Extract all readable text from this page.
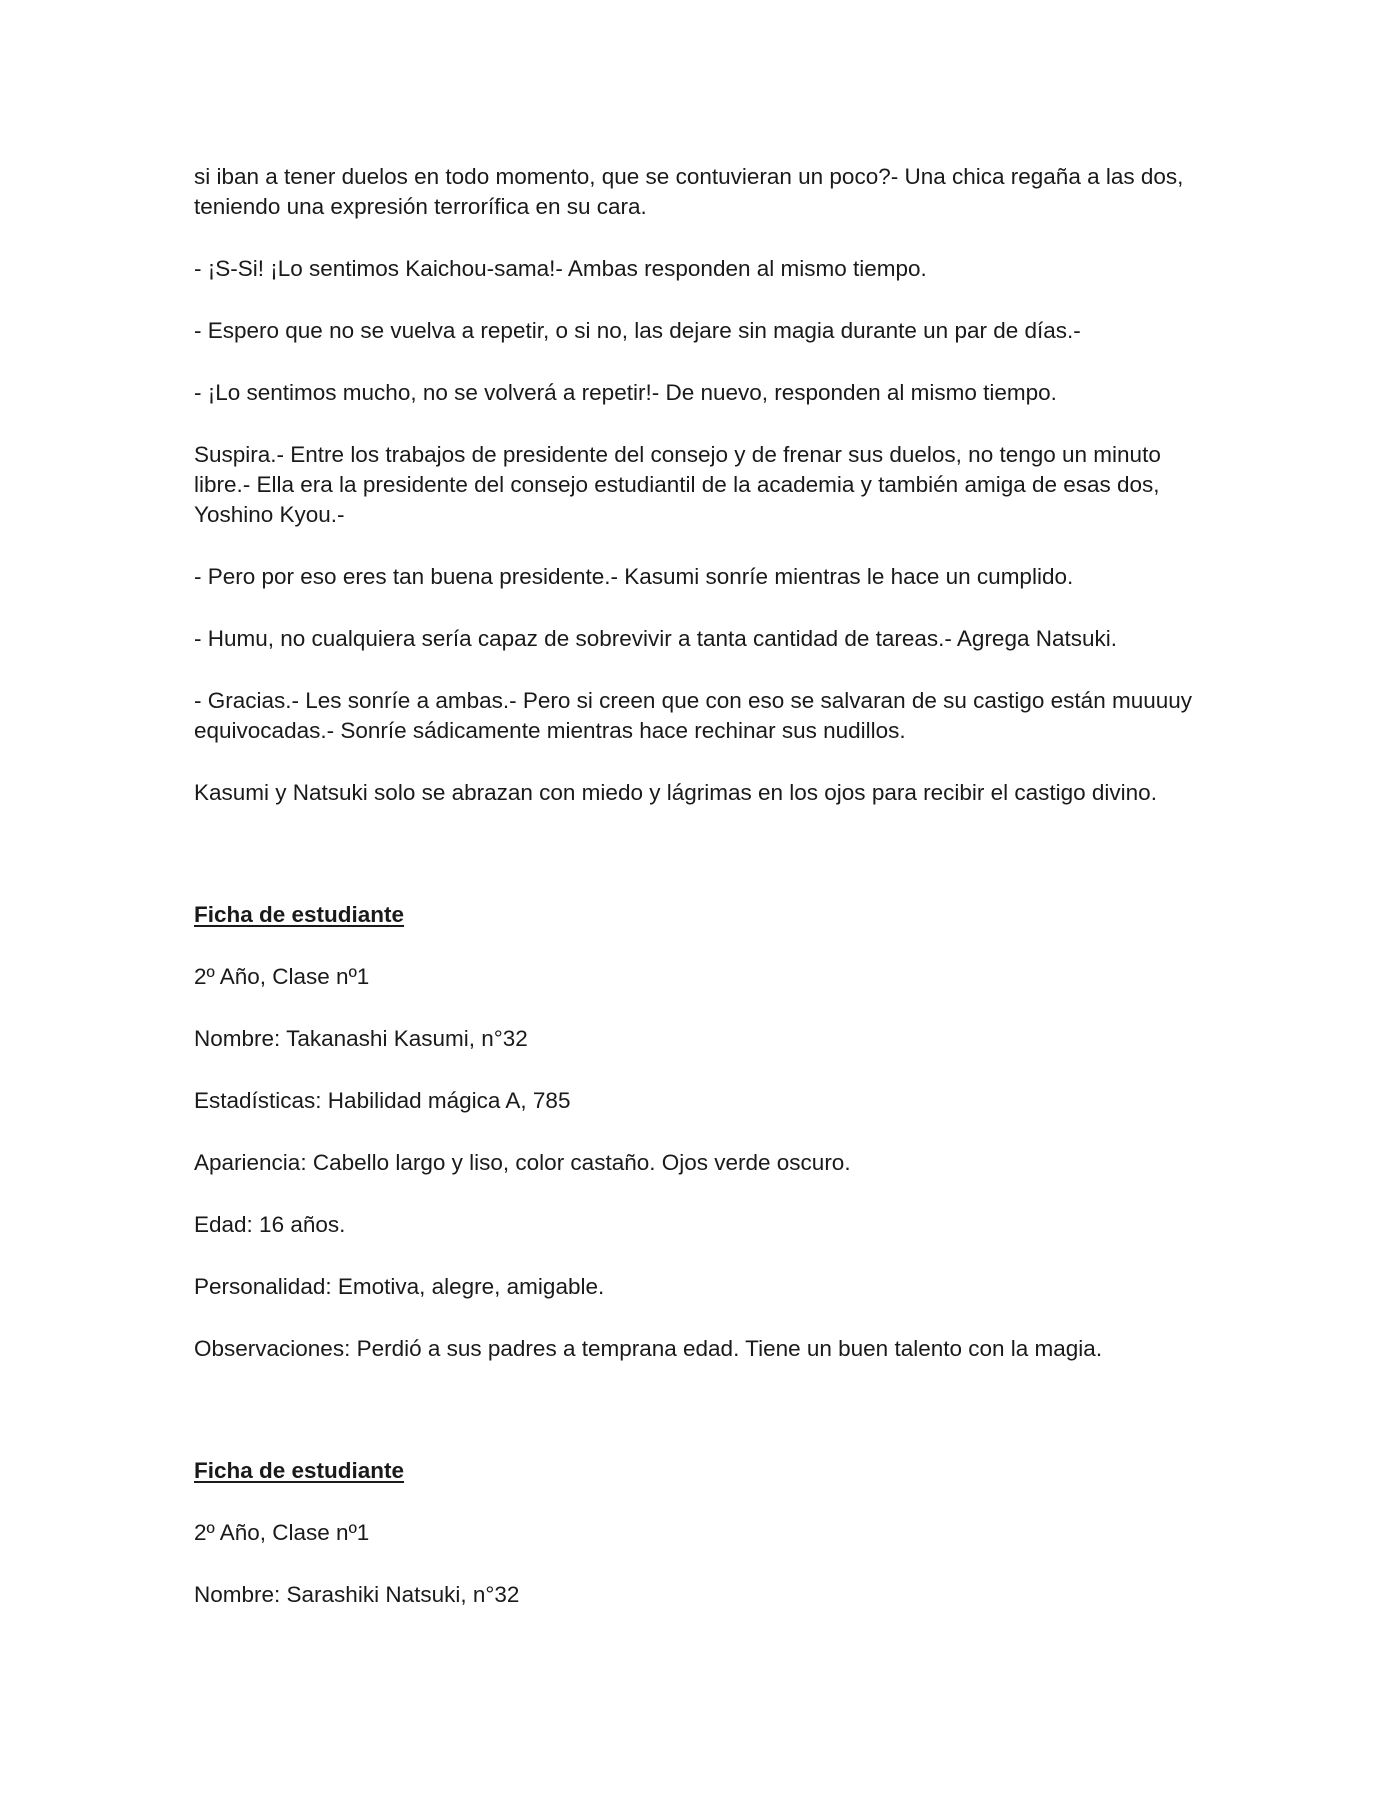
si iban a tener duelos en todo momento, que se contuvieran un poco?- Una chica regaña a las dos, teniendo una expresión terrorífica en su cara.

- ¡S-Si! ¡Lo sentimos Kaichou-sama!- Ambas responden al mismo tiempo.

- Espero que no se vuelva a repetir, o si no, las dejare sin magia durante un par de días.-

- ¡Lo sentimos mucho, no se volverá a repetir!- De nuevo, responden al mismo tiempo.

Suspira.- Entre los trabajos de presidente del consejo y de frenar sus duelos, no tengo un minuto libre.- Ella era la presidente del consejo estudiantil de la academia y también amiga de esas dos, Yoshino Kyou.-

- Pero por eso eres tan buena presidente.- Kasumi sonríe mientras le hace un cumplido.

- Humu, no cualquiera sería capaz de sobrevivir a tanta cantidad de tareas.- Agrega Natsuki.

- Gracias.- Les sonríe a ambas.- Pero si creen que con eso se salvaran de su castigo están muuuuy equivocadas.- Sonríe sádicamente mientras hace rechinar sus nudillos.

Kasumi y Natsuki solo se abrazan con miedo y lágrimas en los ojos para recibir el castigo divino.

Ficha de estudiante

2º Año, Clase nº1

Nombre: Takanashi Kasumi, n°32

Estadísticas: Habilidad mágica A, 785

Apariencia: Cabello largo y liso, color castaño. Ojos verde oscuro.

Edad: 16 años.

Personalidad: Emotiva, alegre, amigable.

Observaciones: Perdió a sus padres a temprana edad. Tiene un buen talento con la magia.

Ficha de estudiante

2º Año, Clase nº1

Nombre: Sarashiki Natsuki, n°32
